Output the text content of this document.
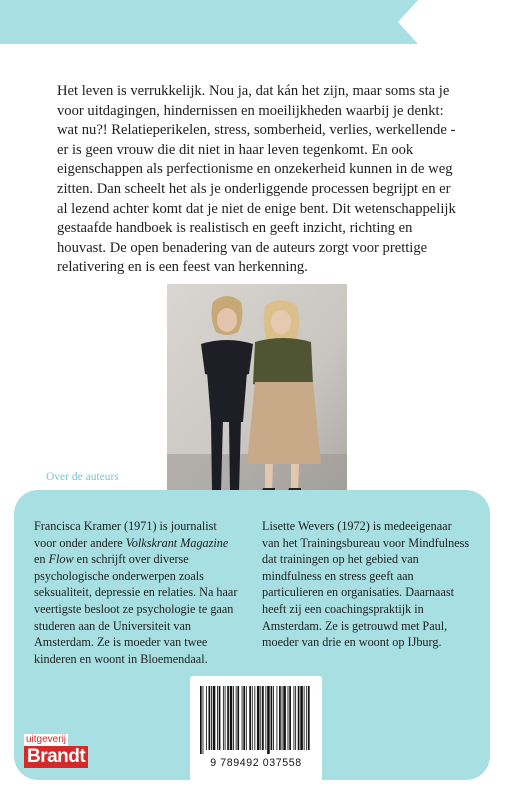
Het leven is verrukkelijk. Nou ja, dat kán het zijn, maar soms sta je voor uitdagingen, hindernissen en moeilijkheden waarbij je denkt: wat nu?! Relatieperikelen, stress, somberheid, verlies, werkellende - er is geen vrouw die dit niet in haar leven tegenkomt. En ook eigenschappen als perfectionisme en onzekerheid kunnen in de weg zitten. Dan scheelt het als je onderliggende processen begrijpt en er al lezend achter komt dat je niet de enige bent. Dit wetenschappelijk gestaafde handboek is realistisch en geeft inzicht, richting en houvast. De open benadering van de auteurs zorgt voor prettige relativering en is een feest van herkenning.
Over de auteurs

Francisca Kramer (1971) is journalist voor onder andere Volkskrant Magazine en Flow en schrijft over diverse psychologische onderwerpen zoals seksualiteit, depressie en relaties. Na haar veertigste besloot ze psychologie te gaan studeren aan de Universiteit van Amsterdam. Ze is moeder van twee kinderen en woont in Bloemendaal.

Lisette Wevers (1972) is medeeigenaar van het Trainingsbureau voor Mindfulness dat trainingen op het gebied van mindfulness en stress geeft aan particulieren en organisaties. Daarnaast heeft zij een coachingspraktijk in Amsterdam. Ze is getrouwd met Paul, moeder van drie en woont op IJburg.

9 789492 037558
uitgeverij
Brandt
